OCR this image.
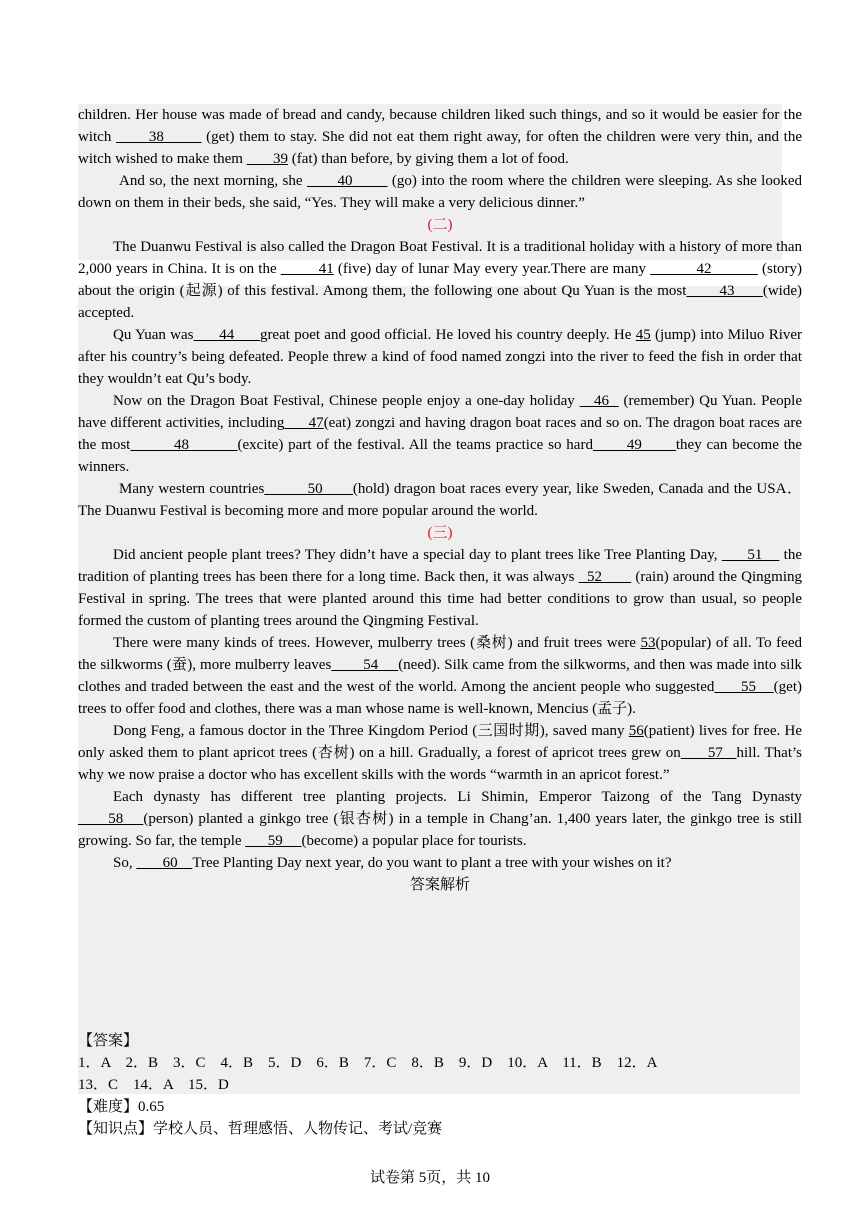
children. Her house was made of bread and candy, because children liked such things, and so it would be easier for the witch        38         (get) them to stay. She did not eat them right away, for often the children were very thin, and the witch wished to make them        39 (fat) than before, by giving them a lot of food.

And so, the next morning, she        40         (go) into the room where the children were sleeping. As she looked down on them in their beds, she said, “Yes. They will make a very delicious dinner.”

(二)

The Duanwu Festival is also called the Dragon Boat Festival. It is a traditional holiday with a history of more than 2,000 years in China. It is on the          41 (five) day of lunar May every year.There are many            42            (story) about the origin (起源) of this festival. Among them, the following one about Qu Yuan is the most       43      (wide) accepted.

Qu Yuan was      44      great poet and good official. He loved his country deeply. He 45 (jump) into Miluo River after his country’s being defeated. People threw a kind of food named zongzi into the river to feed the fish in order that they wouldn’t eat Qu’s body.

Now on the Dragon Boat Festival, Chinese people enjoy a one-day holiday    46   (remember) Qu Yuan. People have different activities, including      47(eat) zongzi and having dragon boat races and so on. The dragon boat races are the most         48          (excite) part of the festival. All the teams practice so hard       49       they can become the winners.

Many western countries          50       (hold) dragon boat races every year, like Sweden, Canada and the USA．The Duanwu Festival is becoming more and more popular around the world.

(三)

Did ancient people plant trees? They didn’t have a special day to plant trees like Tree Planting Day,       51     the tradition of planting trees has been there for a long time. Back then, it was always   52        (rain) around the Qingming Festival in spring. The trees that were planted around this time had better conditions to grow than usual, so people formed the custom of planting trees around the Qingming Festival.

There were many kinds of trees. However, mulberry trees (桑树) and fruit trees were 53(popular) of all. To feed the silkworms (蚕), more mulberry leaves        54     (need). Silk came from the silkworms, and then was made into silk clothes and traded between the east and the west of the world. Among the ancient people who suggested      55    (get) trees to offer food and clothes, there was a man whose name is well-known, Mencius (孟子).

Dong Feng, a famous doctor in the Three Kingdom Period (三国时期), saved many 56(patient) lives for free. He only asked them to plant apricot trees (杏树) on a hill. Gradually, a forest of apricot trees grew on      57   hill. That’s why we now praise a doctor who has excellent skills with the words “warmth in an apricot forest.”

Each dynasty has different tree planting projects. Li Shimin, Emperor Taizong of the Tang Dynasty       58    (person) planted a ginkgo tree (银杏树) in a temple in Chang’an. 1,400 years later, the ginkgo tree is still growing. So far, the temple       59     (become) a popular place for tourists.

So,        60    Tree Planting Day next year, do you want to plant a tree with your wishes on it?

答案解析

【答案】

1．A　2．B　3．C　4．B　5．D　6．B　7．C　8．B　9．D　10．A　11．B　12．A

13．C　14．A　15．D

【难度】0.65

【知识点】学校人员、哲理感悟、人物传记、考试/竞赛

试卷第 5页，共 10
